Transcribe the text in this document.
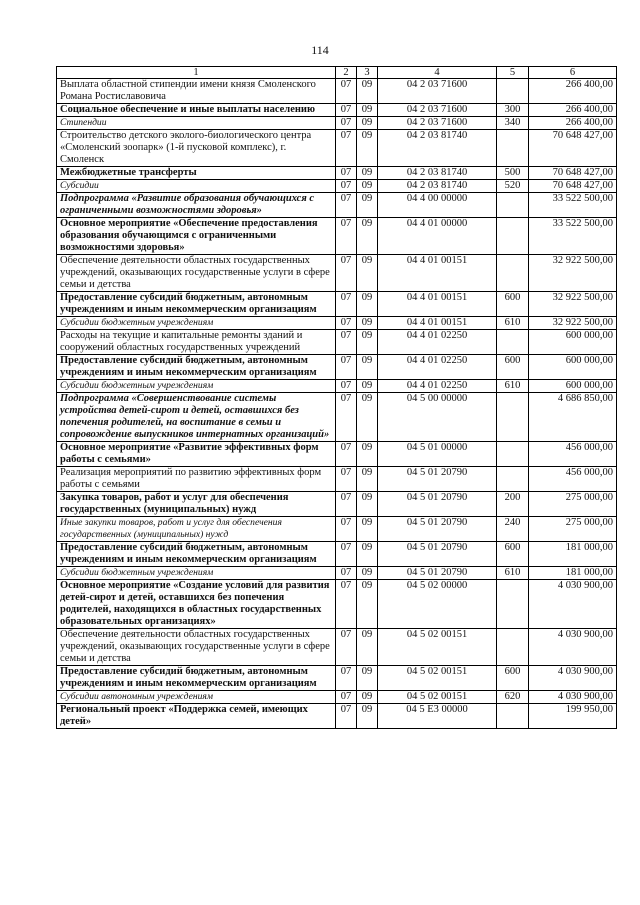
114
1	2	3	4	5	6
Выплата областной стипендии имени князя Смоленского Романа Ростиславовича	07	09	04 2 03 71600		266 400,00
Социальное обеспечение и иные выплаты населению	07	09	04 2 03 71600	300	266 400,00
Стипендии	07	09	04 2 03 71600	340	266 400,00
Строительство детского эколого-биологического центра «Смоленский зоопарк» (1-й пусковой комплекс), г. Смоленск	07	09	04 2 03 81740		70 648 427,00
Межбюджетные трансферты	07	09	04 2 03 81740	500	70 648 427,00
Субсидии	07	09	04 2 03 81740	520	70 648 427,00
Подпрограмма «Развитие образования обучающихся с ограниченными возможностями здоровья»	07	09	04 4 00 00000		33 522 500,00
Основное мероприятие «Обеспечение предоставления образования обучающимся с ограниченными возможностями здоровья»	07	09	04 4 01 00000		33 522 500,00
Обеспечение деятельности областных государственных учреждений, оказывающих государственные услуги в сфере семьи и детства	07	09	04 4 01 00151		32 922 500,00
Предоставление субсидий бюджетным, автономным учреждениям и иным некоммерческим организациям	07	09	04 4 01 00151	600	32 922 500,00
Субсидии бюджетным учреждениям	07	09	04 4 01 00151	610	32 922 500,00
Расходы на текущие и капитальные ремонты зданий и сооружений областных государственных учреждений	07	09	04 4 01 02250		600 000,00
Предоставление субсидий бюджетным, автономным учреждениям и иным некоммерческим организациям	07	09	04 4 01 02250	600	600 000,00
Субсидии бюджетным учреждениям	07	09	04 4 01 02250	610	600 000,00
Подпрограмма «Совершенствование системы устройства детей-сирот и детей, оставшихся без попечения родителей, на воспитание в семьи и сопровождение выпускников интернатных организаций»	07	09	04 5 00 00000		4 686 850,00
Основное мероприятие «Развитие эффективных форм работы с семьями»	07	09	04 5 01 00000		456 000,00
Реализация мероприятий по развитию эффективных форм работы с семьями	07	09	04 5 01 20790		456 000,00
Закупка товаров, работ и услуг для обеспечения государственных (муниципальных) нужд	07	09	04 5 01 20790	200	275 000,00
Иные закупки товаров, работ и услуг для обеспечения государственных (муниципальных) нужд	07	09	04 5 01 20790	240	275 000,00
Предоставление субсидий бюджетным, автономным учреждениям и иным некоммерческим организациям	07	09	04 5 01 20790	600	181 000,00
Субсидии бюджетным учреждениям	07	09	04 5 01 20790	610	181 000,00
Основное мероприятие «Создание условий для развития детей-сирот и детей, оставшихся без попечения родителей, находящихся в областных государственных образовательных организациях»	07	09	04 5 02 00000		4 030 900,00
Обеспечение деятельности областных государственных учреждений, оказывающих государственные услуги в сфере семьи и детства	07	09	04 5 02 00151		4 030 900,00
Предоставление субсидий бюджетным, автономным учреждениям и иным некоммерческим организациям	07	09	04 5 02 00151	600	4 030 900,00
Субсидии автономным учреждениям	07	09	04 5 02 00151	620	4 030 900,00
Региональный проект «Поддержка семей, имеющих детей»	07	09	04 5 E3 00000		199 950,00
